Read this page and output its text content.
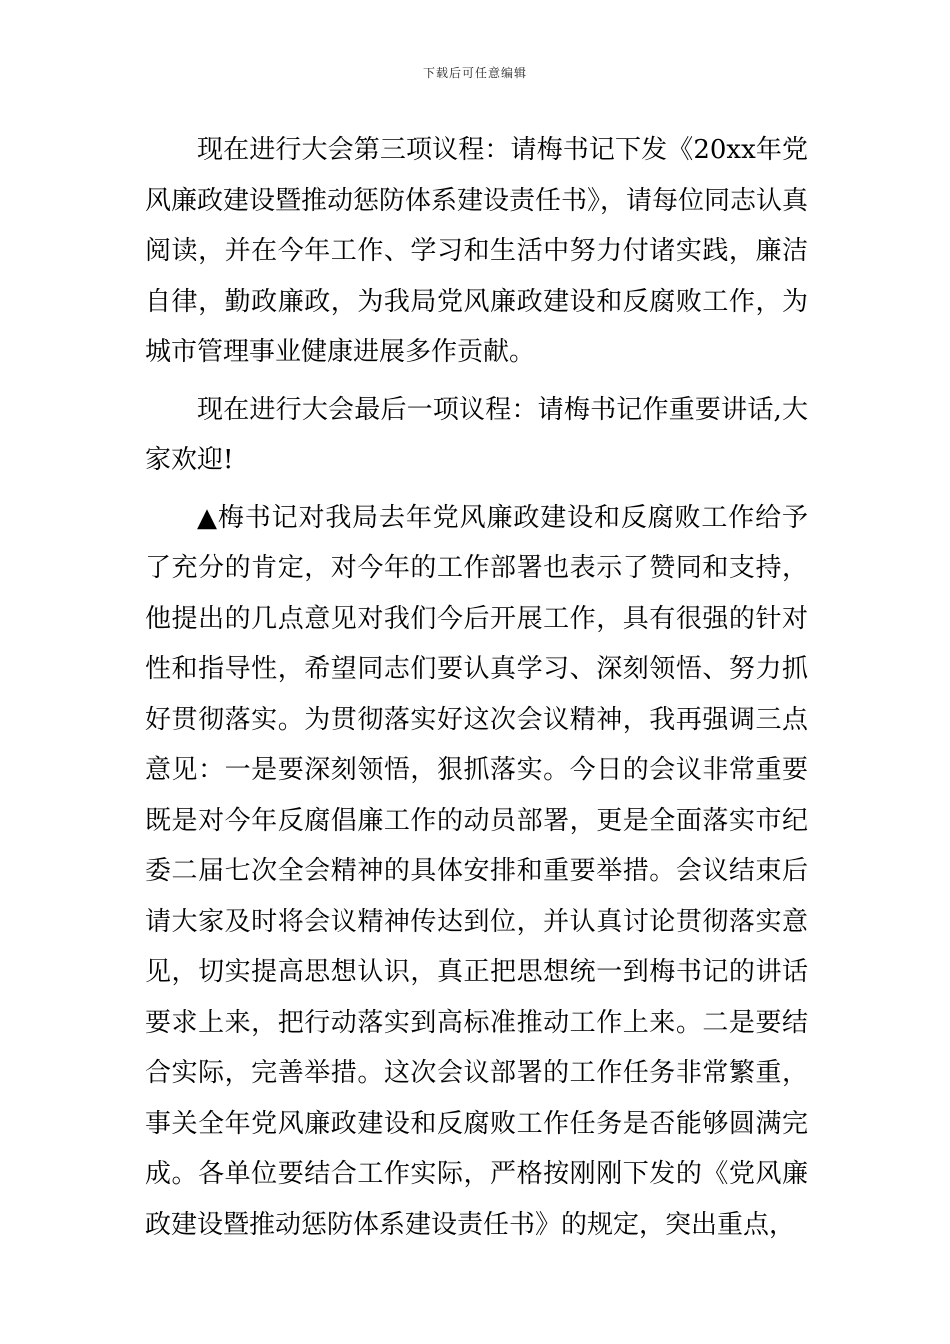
下载后可任意编辑

现在进行大会第三项议程：请梅书记下发《20xx年党风廉政建设暨推动惩防体系建设责任书》，请每位同志认真阅读，并在今年工作、学习和生活中努力付诸实践，廉洁自律，勤政廉政，为我局党风廉政建设和反腐败工作，为城市管理事业健康进展多作贡献。

现在进行大会最后一项议程：请梅书记作重要讲话,大家欢迎!

▲梅书记对我局去年党风廉政建设和反腐败工作给予了充分的肯定，对今年的工作部署也表示了赞同和支持，他提出的几点意见对我们今后开展工作，具有很强的针对性和指导性，希望同志们要认真学习、深刻领悟、努力抓好贯彻落实。为贯彻落实好这次会议精神，我再强调三点意见：一是要深刻领悟，狠抓落实。今日的会议非常重要既是对今年反腐倡廉工作的动员部署，更是全面落实市纪委二届七次全会精神的具体安排和重要举措。会议结束后请大家及时将会议精神传达到位，并认真讨论贯彻落实意见，切实提高思想认识，真正把思想统一到梅书记的讲话要求上来，把行动落实到高标准推动工作上来。二是要结合实际，完善举措。这次会议部署的工作任务非常繁重，事关全年党风廉政建设和反腐败工作任务是否能够圆满完成。各单位要结合工作实际，严格按刚刚下发的《党风廉政建设暨推动惩防体系建设责任书》的规定，突出重点，
